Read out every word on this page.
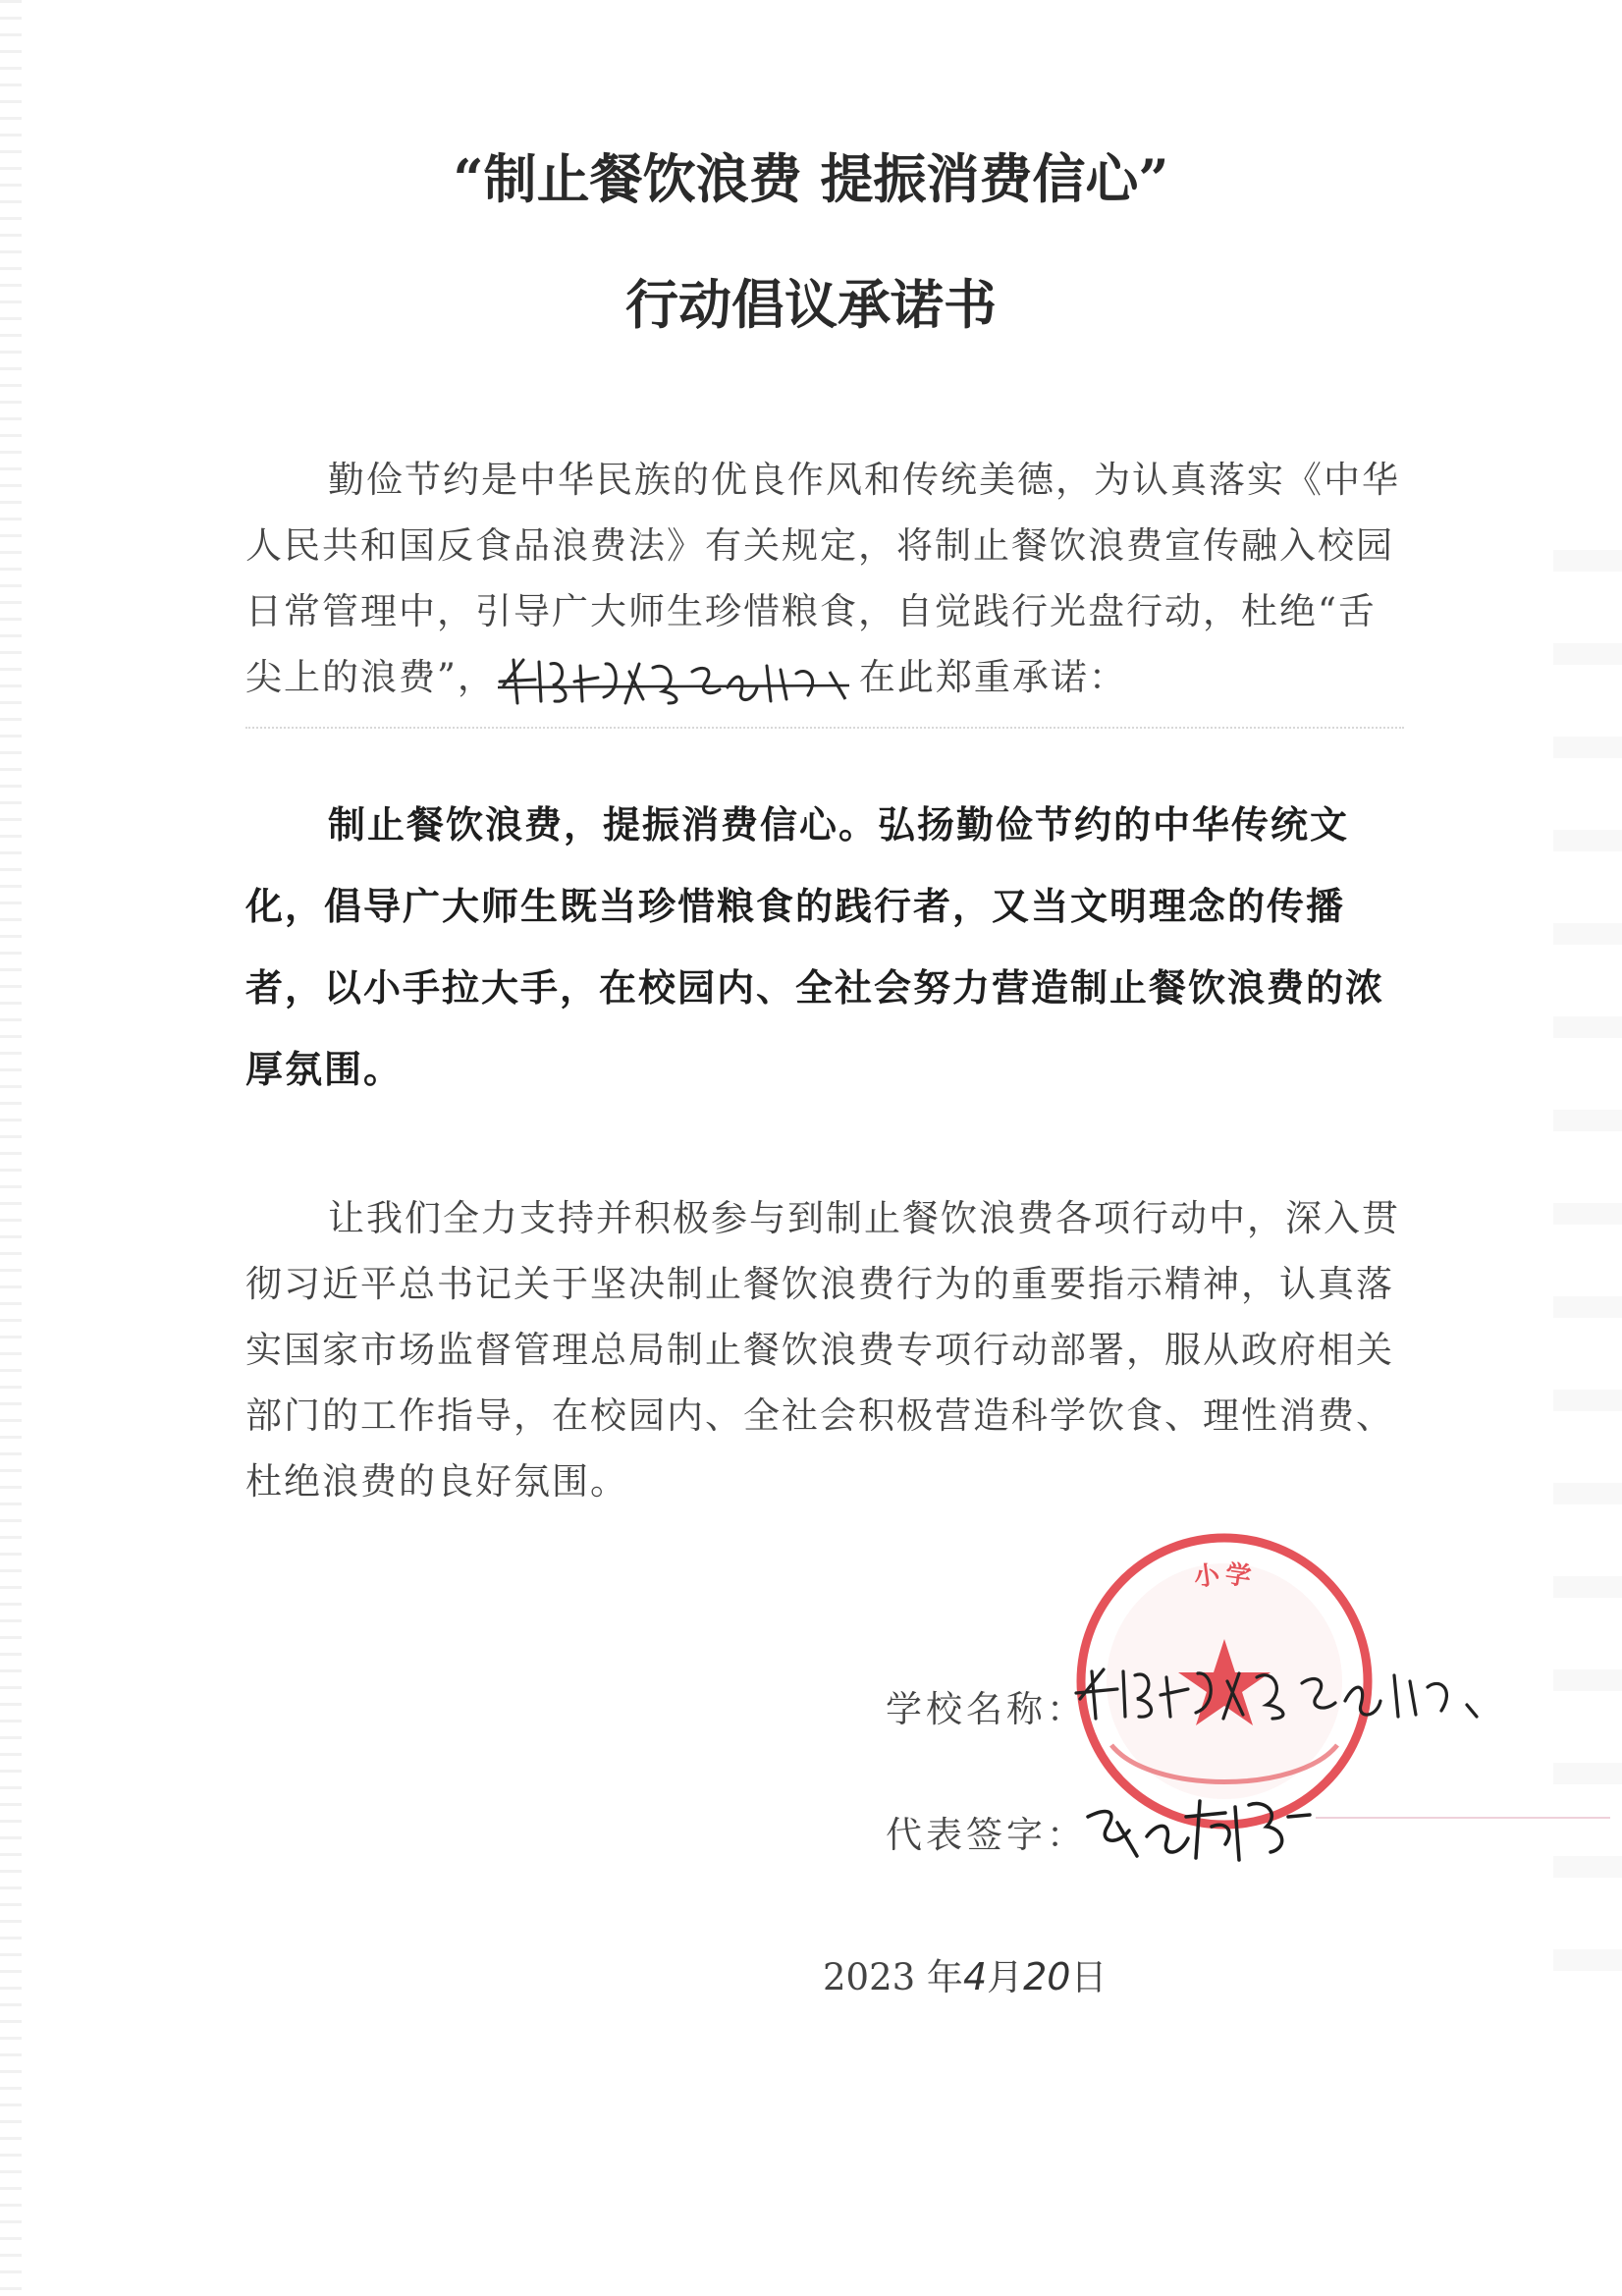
“制止餐饮浪费 提振消费信心”
行动倡议承诺书
勤俭节约是中华民族的优良作风和传统美德，为认真落实《中华人民共和国反食品浪费法》有关规定，将制止餐饮浪费宣传融入校园日常管理中，引导广大师生珍惜粮食，自觉践行光盘行动，杜绝“舌尖上的浪费”，	在此郑重承诺：
制止餐饮浪费，提振消费信心。弘扬勤俭节约的中华传统文化，倡导广大师生既当珍惜粮食的践行者，又当文明理念的传播者，以小手拉大手，在校园内、全社会努力营造制止餐饮浪费的浓厚氛围。
让我们全力支持并积极参与到制止餐饮浪费各项行动中，深入贯彻习近平总书记关于坚决制止餐饮浪费行为的重要指示精神，认真落实国家市场监督管理总局制止餐饮浪费专项行动部署，服从政府相关部门的工作指导，在校园内、全社会积极营造科学饮食、理性消费、杜绝浪费的良好氛围。
小学
学校名称：
代表签字：
2023 年4月20日
